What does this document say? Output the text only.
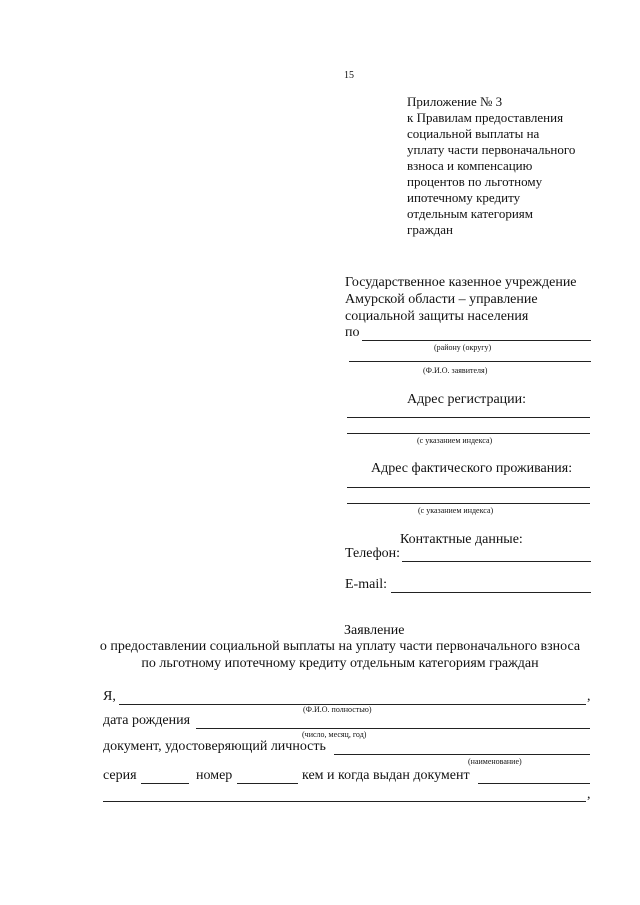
15
Приложение № 3
к Правилам предоставления
социальной выплаты на
уплату части первоначального
взноса и компенсацию
процентов по льготному
ипотечному кредиту
отдельным категориям
граждан
Государственное казенное учреждение
Амурской области – управление
социальной защиты населения
по
(району (округу)
(Ф.И.О. заявителя)
Адрес регистрации:
(с указанием индекса)
Адрес фактического проживания:
(с указанием индекса)
Контактные данные:
Телефон:
E-mail:
Заявление
о предоставлении социальной выплаты на уплату части первоначального взноса
по льготному ипотечному кредиту отдельным категориям граждан
Я,	,
(Ф.И.О. полностью)
дата рождения
(число, месяц, год)
документ, удостоверяющий личность
(наименование)
серия	номер	кем и когда выдан документ
,
